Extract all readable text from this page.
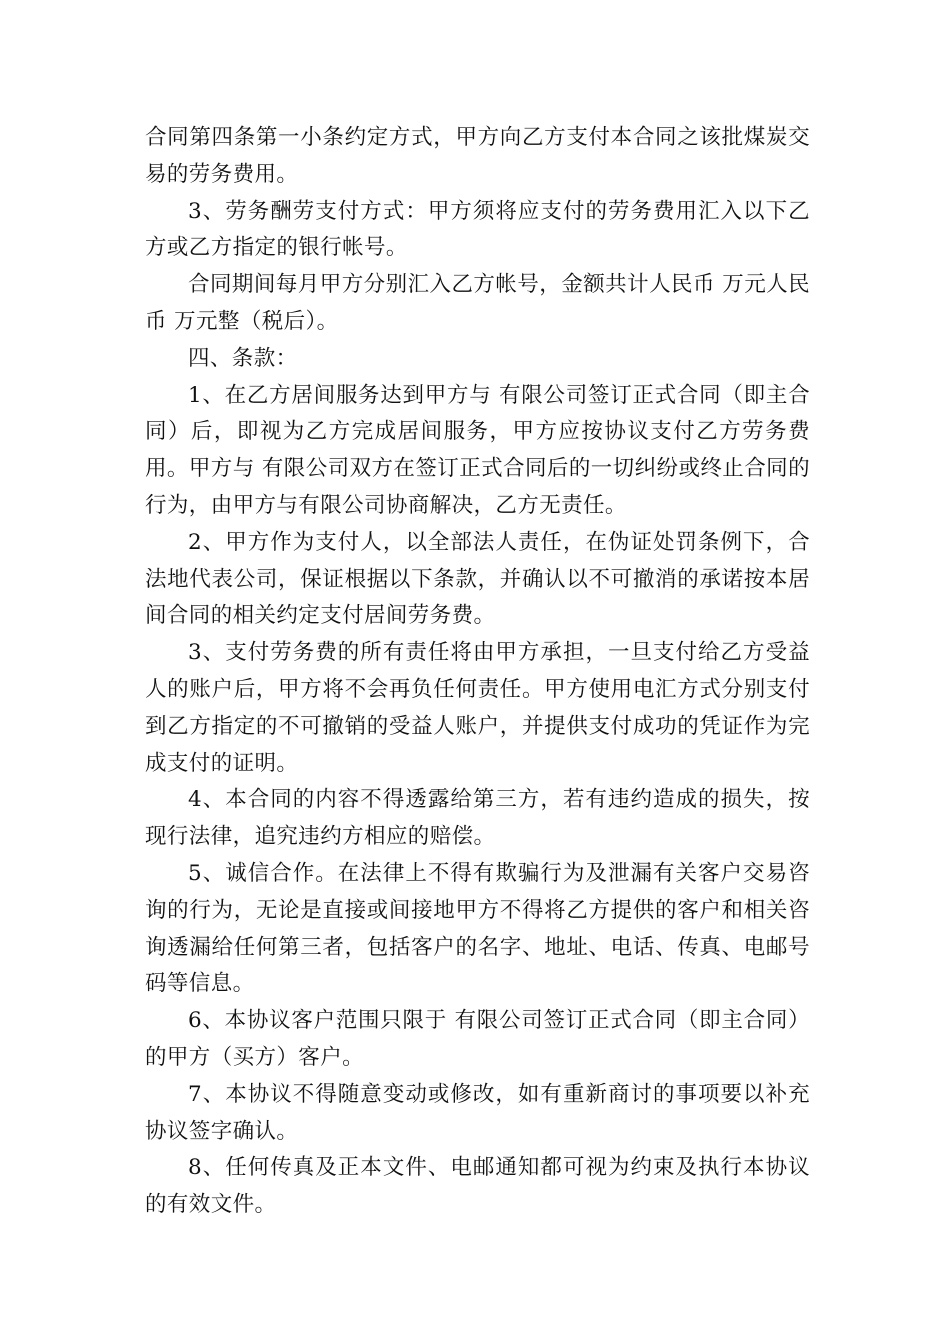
合同第四条第一小条约定方式，甲方向乙方支付本合同之该批煤炭交易的劳务费用。

3、劳务酬劳支付方式：甲方须将应支付的劳务费用汇入以下乙方或乙方指定的银行帐号。

合同期间每月甲方分别汇入乙方帐号，金额共计人民币 万元人民币 万元整（税后）。

四、条款：

1、在乙方居间服务达到甲方与 有限公司签订正式合同（即主合同）后，即视为乙方完成居间服务，甲方应按协议支付乙方劳务费用。甲方与 有限公司双方在签订正式合同后的一切纠纷或终止合同的行为，由甲方与有限公司协商解决，乙方无责任。

2、甲方作为支付人，以全部法人责任，在伪证处罚条例下，合法地代表公司，保证根据以下条款，并确认以不可撤消的承诺按本居间合同的相关约定支付居间劳务费。

3、支付劳务费的所有责任将由甲方承担，一旦支付给乙方受益人的账户后，甲方将不会再负任何责任。甲方使用电汇方式分别支付到乙方指定的不可撤销的受益人账户，并提供支付成功的凭证作为完成支付的证明。

4、本合同的内容不得透露给第三方，若有违约造成的损失，按现行法律，追究违约方相应的赔偿。

5、诚信合作。在法律上不得有欺骗行为及泄漏有关客户交易咨询的行为，无论是直接或间接地甲方不得将乙方提供的客户和相关咨询透漏给任何第三者，包括客户的名字、地址、电话、传真、电邮号码等信息。

6、本协议客户范围只限于 有限公司签订正式合同（即主合同）的甲方（买方）客户。

7、本协议不得随意变动或修改，如有重新商讨的事项要以补充协议签字确认。

8、任何传真及正本文件、电邮通知都可视为约束及执行本协议的有效文件。
